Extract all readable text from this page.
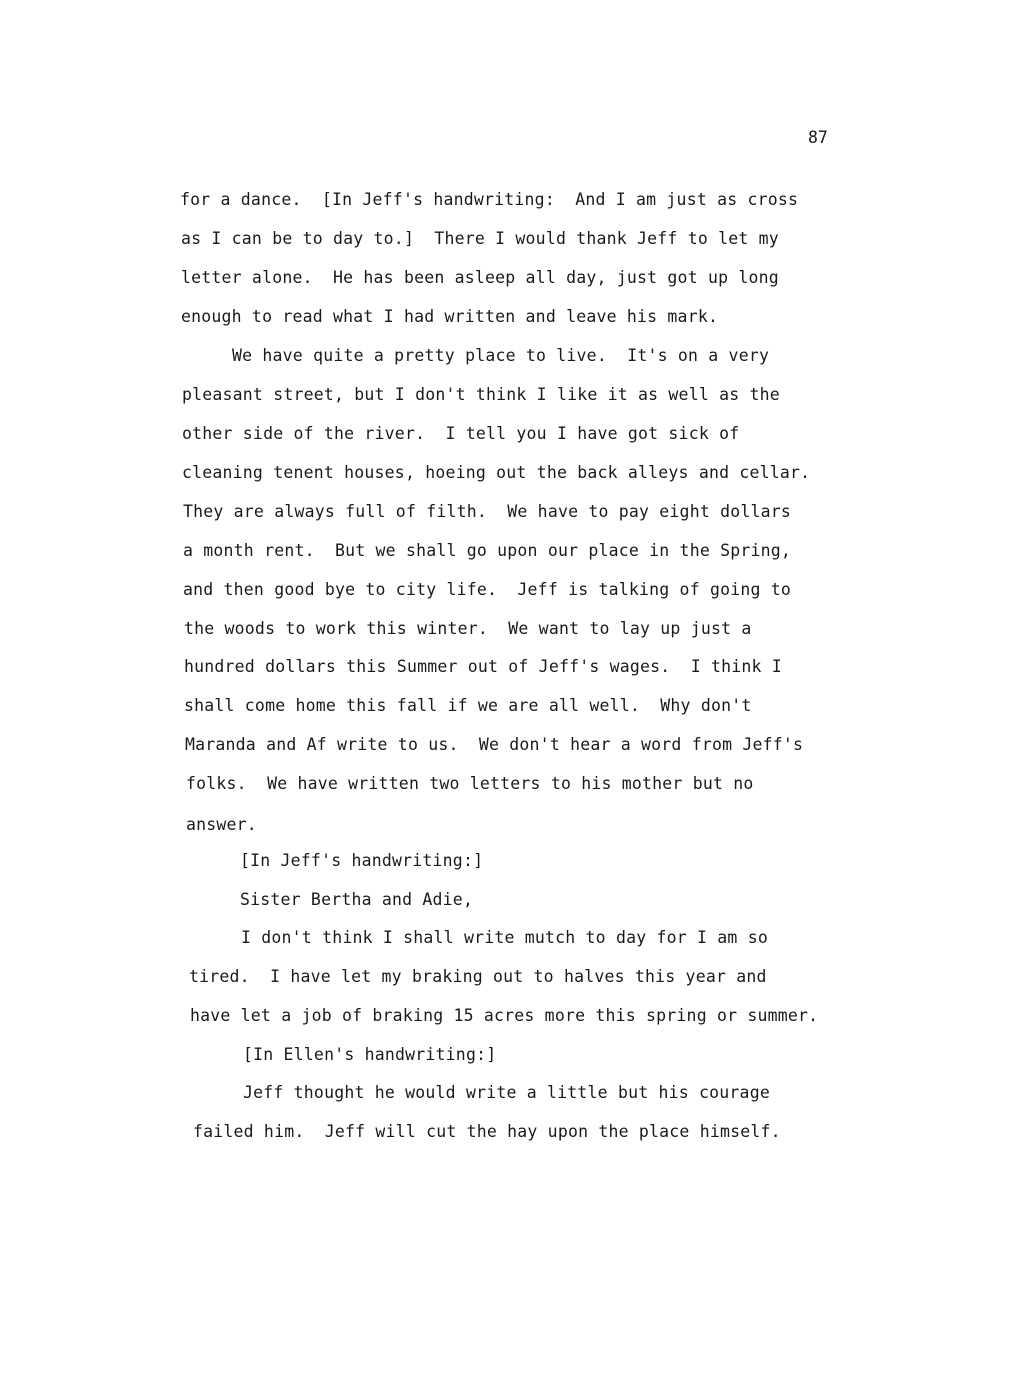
87
for a dance.  [In Jeff's handwriting:  And I am just as cross
as I can be to day to.]  There I would thank Jeff to let my
letter alone.  He has been asleep all day, just got up long
enough to read what I had written and leave his mark.
We have quite a pretty place to live.  It's on a very
pleasant street, but I don't think I like it as well as the
other side of the river.  I tell you I have got sick of
cleaning tenent houses, hoeing out the back alleys and cellar.
They are always full of filth.  We have to pay eight dollars
a month rent.  But we shall go upon our place in the Spring,
and then good bye to city life.  Jeff is talking of going to
the woods to work this winter.  We want to lay up just a
hundred dollars this Summer out of Jeff's wages.  I think I
shall come home this fall if we are all well.  Why don't
Maranda and Af write to us.  We don't hear a word from Jeff's
folks.  We have written two letters to his mother but no
answer.
[In Jeff's handwriting:]
Sister Bertha and Adie,
I don't think I shall write mutch to day for I am so
tired.  I have let my braking out to halves this year and
have let a job of braking 15 acres more this spring or summer.
[In Ellen's handwriting:]
Jeff thought he would write a little but his courage
failed him.  Jeff will cut the hay upon the place himself.
